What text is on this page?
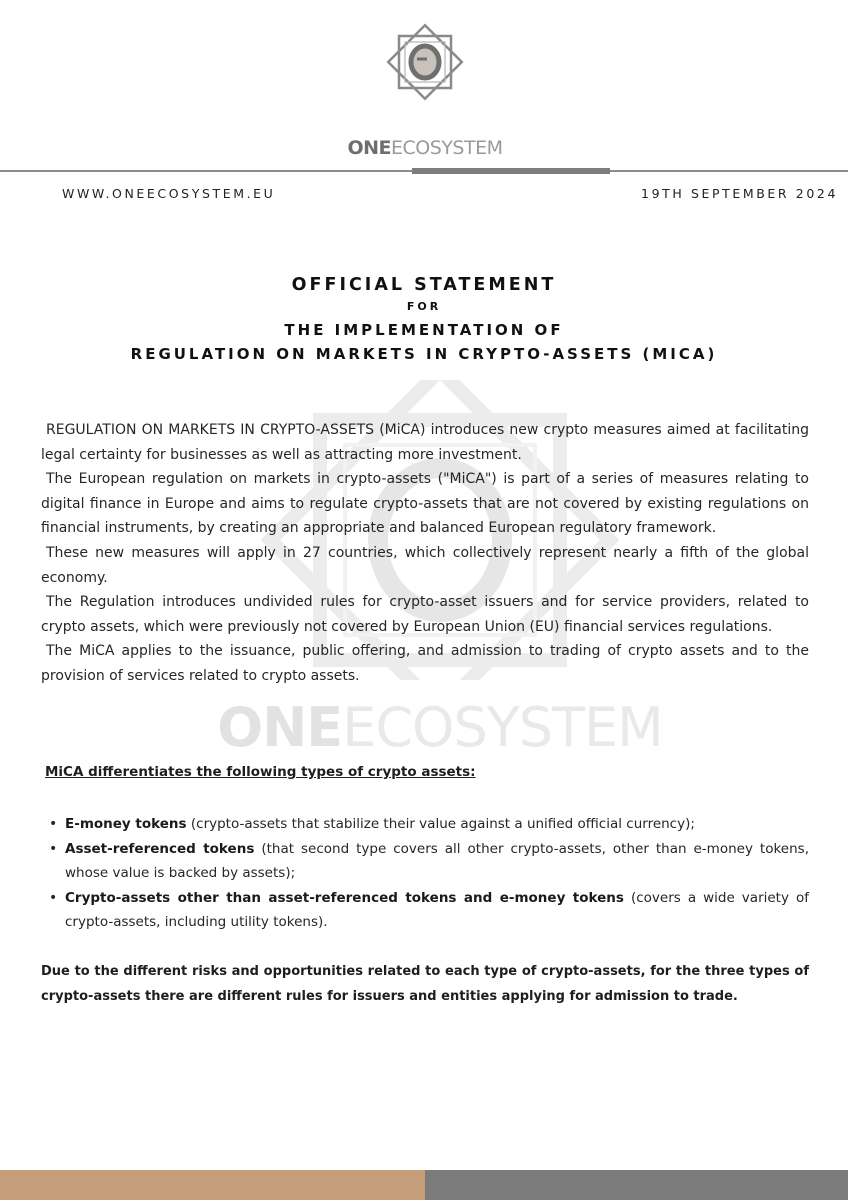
ONEECOSYSTEM
WWW.ONEECOSYSTEM.EU	19TH SEPTEMBER 2024
OFFICIAL STATEMENT
FOR
THE IMPLEMENTATION OF
REGULATION ON MARKETS IN CRYPTO-ASSETS (MICA)
ONEECOSYSTEM

REGULATION ON MARKETS IN CRYPTO-ASSETS (MiCA) introduces new crypto measures aimed at facilitating legal certainty for businesses as well as attracting more investment.

The European regulation on markets in crypto-assets ("MiCA") is part of a series of measures relating to digital finance in Europe and aims to regulate crypto-assets that are not covered by existing regulations on financial instruments, by creating an appropriate and balanced European regulatory framework.

These new measures will apply in 27 countries, which collectively represent nearly a fifth of the global economy.

The Regulation introduces undivided rules for crypto-asset issuers and for service providers, related to crypto assets, which were previously not covered by European Union (EU) financial services regulations.

The MiCA applies to the issuance, public offering, and admission to trading of crypto assets and to the provision of services related to crypto assets.

MiCA differentiates the following types of crypto assets:
• E-money tokens (crypto-assets that stabilize their value against a unified official currency);
• Asset-referenced tokens (that second type covers all other crypto-assets, other than e-money tokens, whose value is backed by assets);
• Crypto-assets other than asset-referenced tokens and e-money tokens (covers a wide variety of crypto-assets, including utility tokens).
Due to the different risks and opportunities related to each type of crypto-assets, for the three types of crypto-assets there are different rules for issuers and entities applying for admission to trade.
